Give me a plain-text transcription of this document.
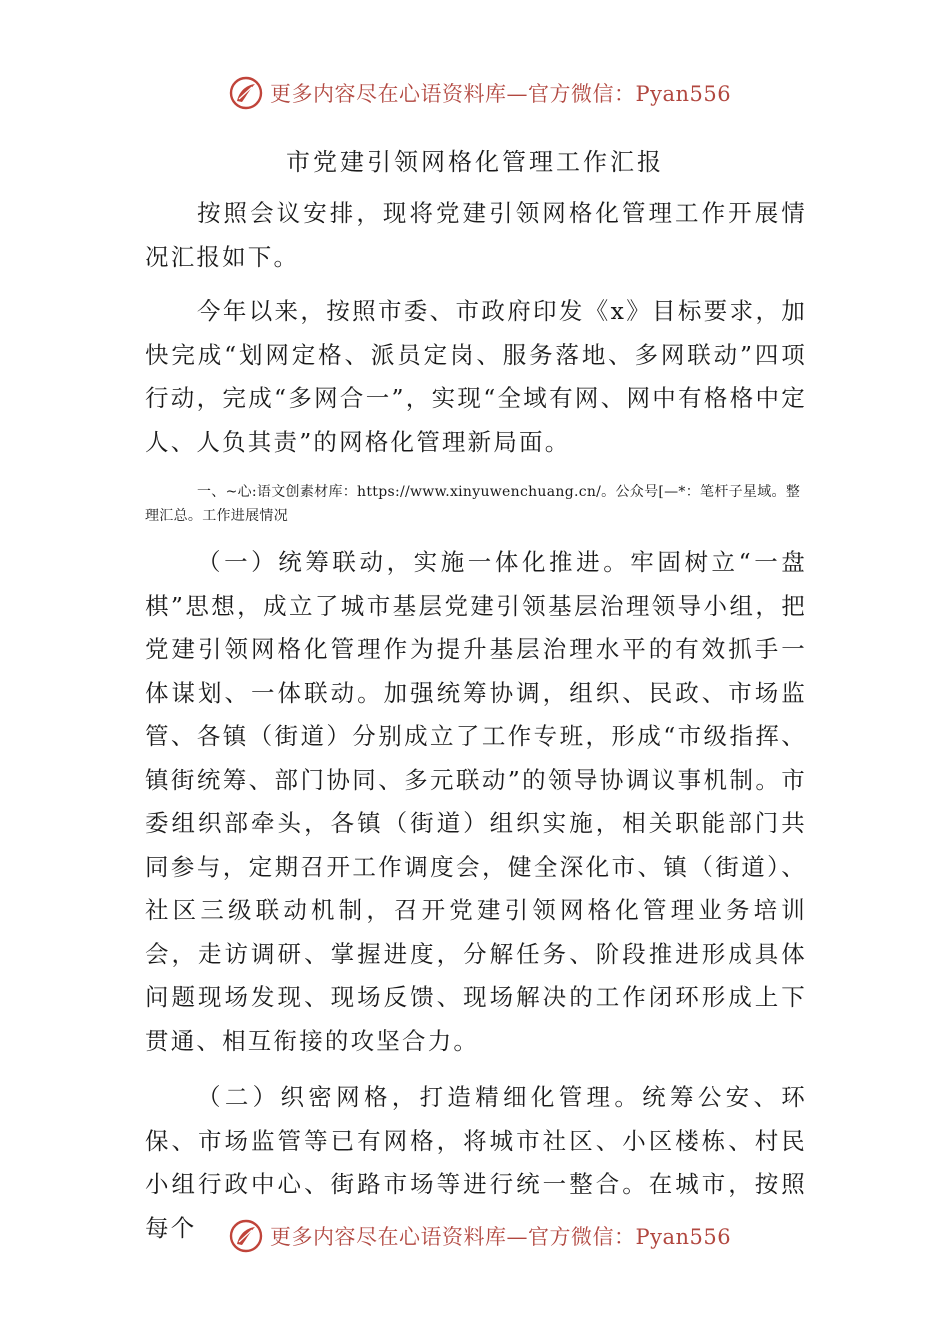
更多内容尽在心语资料库— 官方微信：Pyan556
市党建引领网格化管理工作汇报

按照会议安排，现将党建引领网格化管理工作开展情况汇报如下。

今年以来，按照市委、市政府印发《x》目标要求，加快完成“划网定格、派员定岗、服务落地、多网联动”四项行动，完成“多网合一”，实现“全域有网、网中有格格中定人、人负其责”的网格化管理新局面。

一、~心:语文创素材库：https://www.xinyuwenchuang.cn/。公众号[—*：笔杆子星域。整理汇总。工作进展情况

（一）统筹联动，实施一体化推进。牢固树立“一盘棋”思想，成立了城市基层党建引领基层治理领导小组，把党建引领网格化管理作为提升基层治理水平的有效抓手一体谋划、一体联动。加强统筹协调，组织、民政、市场监管、各镇（街道）分别成立了工作专班，形成“市级指挥、镇街统筹、部门协同、多元联动”的领导协调议事机制。市委组织部牵头，各镇（街道）组织实施，相关职能部门共同参与，定期召开工作调度会，健全深化市、镇（街道）、社区三级联动机制，召开党建引领网格化管理业务培训会，走访调研、掌握进度，分解任务、阶段推进形成具体问题现场发现、现场反馈、现场解决的工作闭环形成上下贯通、相互衔接的攻坚合力。

（二）织密网格，打造精细化管理。统筹公安、环保、市场监管等已有网格，将城市社区、小区楼栋、村民小组行政中心、街路市场等进行统一整合。在城市，按照每个	更多内容尽在心语资料库— 官方微信：Pyan556
